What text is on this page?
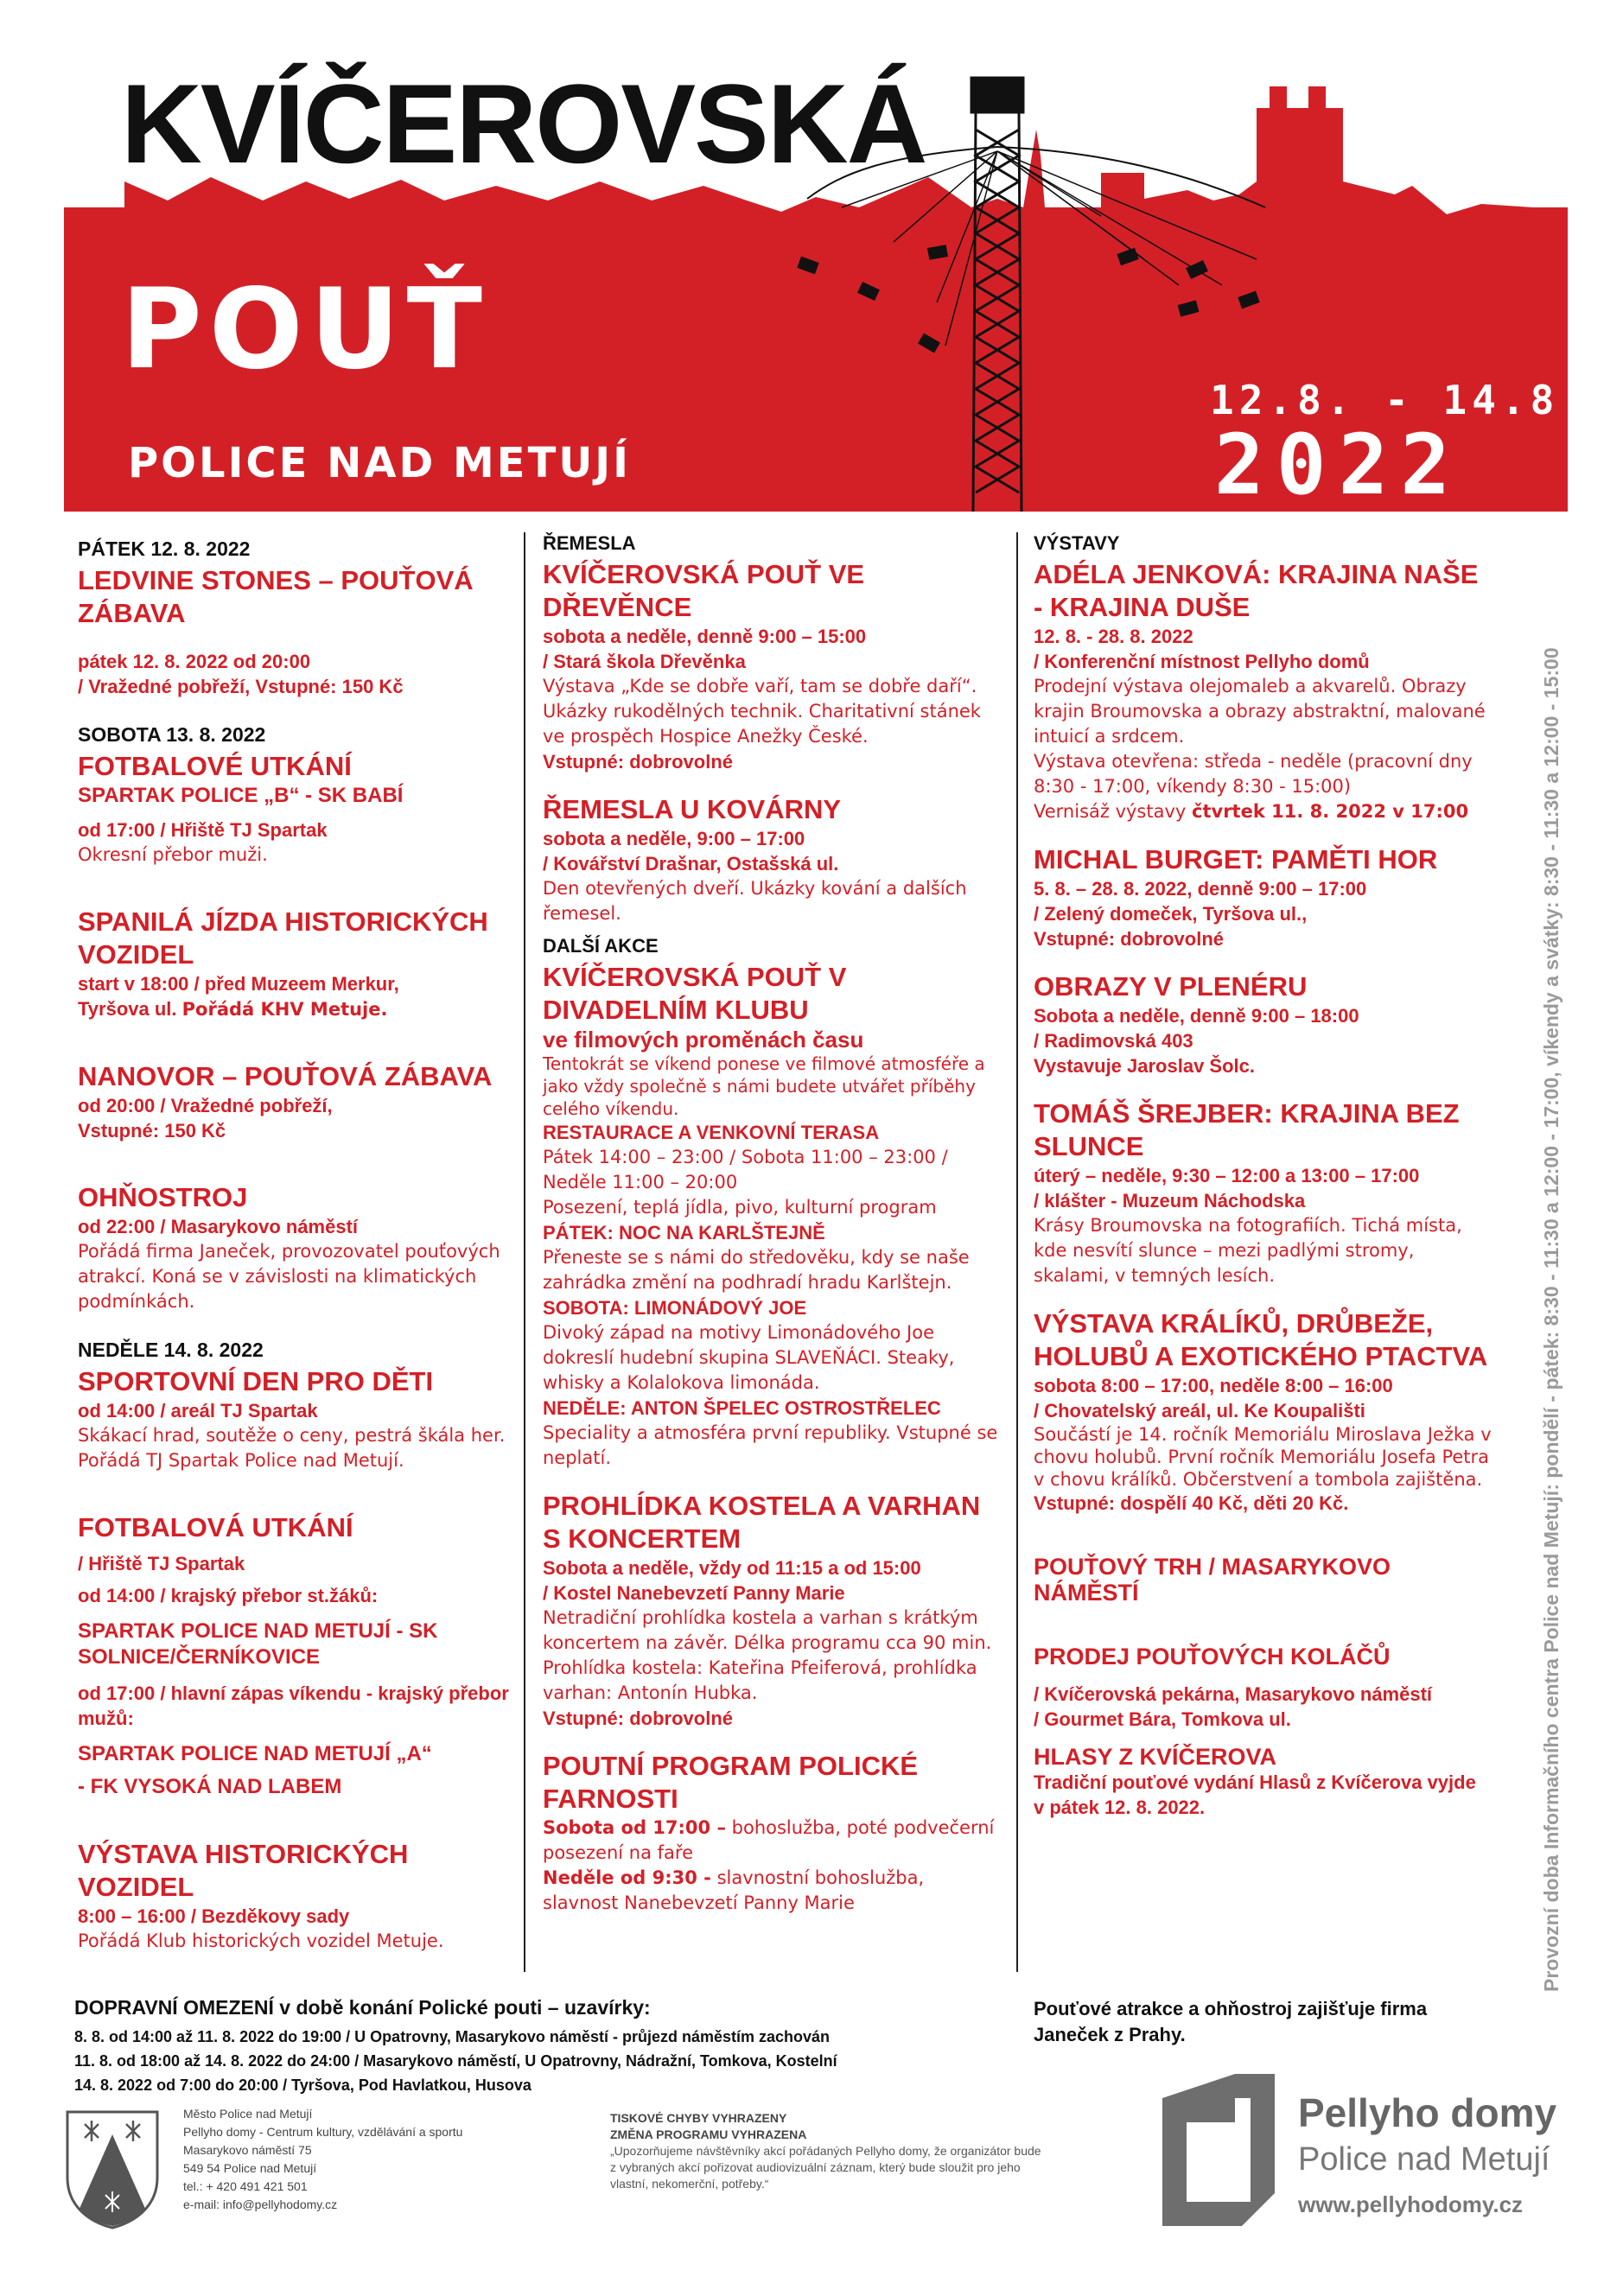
KVÍČEROVSKÁ
POUŤ
POLICE NAD METUJÍ
12.8. - 14.8.
2022
PÁTEK 12. 8. 2022
LEDVINE STONES – POUŤOVÁ ZÁBAVA
pátek 12. 8. 2022 od 20:00
/ Vražedné pobřeží, Vstupné: 150 Kč
SOBOTA 13. 8. 2022
FOTBALOVÉ UTKÁNÍ
SPARTAK POLICE „B“ - SK BABÍ
od 17:00 / Hřiště TJ Spartak
Okresní přebor muži.
SPANILÁ JÍZDA HISTORICKÝCH VOZIDEL
start v 18:00 / před Muzeem Merkur,
Tyršova ul. Pořádá KHV Metuje.
NANOVOR – POUŤOVÁ ZÁBAVA
od 20:00 / Vražedné pobřeží,
Vstupné: 150 Kč
OHŇOSTROJ
od 22:00 / Masarykovo náměstí
Pořádá firma Janeček, provozovatel pouťových atrakcí. Koná se v závislosti na klimatických podmínkách.
NEDĚLE 14. 8. 2022
SPORTOVNÍ DEN PRO DĚTI
od 14:00 / areál TJ Spartak
Skákací hrad, soutěže o ceny, pestrá škála her. Pořádá TJ Spartak Police nad Metují.
FOTBALOVÁ UTKÁNÍ
/ Hřiště TJ Spartak
od 14:00 / krajský přebor st.žáků:
SPARTAK POLICE NAD METUJÍ - SK SOLNICE/ČERNÍKOVICE
od 17:00 / hlavní zápas víkendu - krajský přebor mužů:
SPARTAK POLICE NAD METUJÍ „A“
- FK VYSOKÁ NAD LABEM
VÝSTAVA HISTORICKÝCH VOZIDEL
8:00 – 16:00 / Bezděkovy sady
Pořádá Klub historických vozidel Metuje.
ŘEMESLA
KVÍČEROVSKÁ POUŤ VE DŘEVĚNCE
sobota a neděle, denně 9:00 – 15:00
/ Stará škola Dřevěnka
Výstava „Kde se dobře vaří, tam se dobře daří“. Ukázky rukodělných technik. Charitativní stánek ve prospěch Hospice Anežky České.
Vstupné: dobrovolné
ŘEMESLA U KOVÁRNY
sobota a neděle, 9:00 – 17:00
/ Kovářství Drašnar, Ostašská ul.
Den otevřených dveří. Ukázky kování a dalších řemesel.
DALŠÍ AKCE
KVÍČEROVSKÁ POUŤ V DIVADELNÍM KLUBU
ve filmových proměnách času
Tentokrát se víkend ponese ve filmové atmosféře a jako vždy společně s námi budete utvářet příběhy celého víkendu.
RESTAURACE A VENKOVNÍ TERASA
Pátek 14:00 – 23:00 / Sobota 11:00 – 23:00 / Neděle 11:00 – 20:00
Posezení, teplá jídla, pivo, kulturní program
PÁTEK: NOC NA KARLŠTEJNĚ
Přeneste se s námi do středověku, kdy se naše zahrádka změní na podhradí hradu Karlštejn.
SOBOTA: LIMONÁDOVÝ JOE
Divoký západ na motivy Limonádového Joe dokreslí hudební skupina SLAVEŇÁCI. Steaky, whisky a Kolalokova limonáda.
NEDĚLE: ANTON ŠPELEC OSTROSTŘELEC
Speciality a atmosféra první republiky. Vstupné se neplatí.
PROHLÍDKA KOSTELA A VARHAN S KONCERTEM
Sobota a neděle, vždy od 11:15 a od 15:00
/ Kostel Nanebevzetí Panny Marie
Netradiční prohlídka kostela a varhan s krátkým koncertem na závěr. Délka programu cca 90 min. Prohlídka kostela: Kateřina Pfeiferová, prohlídka varhan: Antonín Hubka.
Vstupné: dobrovolné
POUTNÍ PROGRAM POLICKÉ FARNOSTI
Sobota od 17:00 – bohoslužba, poté podvečerní posezení na faře
Neděle od 9:30 - slavnostní bohoslužba, slavnost Nanebevzetí Panny Marie
VÝSTAVY
ADÉLA JENKOVÁ: KRAJINA NAŠE - KRAJINA DUŠE
12. 8. - 28. 8. 2022
/ Konferenční místnost Pellyho domů
Prodejní výstava olejomaleb a akvarelů. Obrazy krajin Broumovska a obrazy abstraktní, malované intuicí a srdcem.
Výstava otevřena: středa - neděle (pracovní dny 8:30 - 17:00, víkendy 8:30 - 15:00)
Vernisáž výstavy čtvrtek 11. 8. 2022 v 17:00
MICHAL BURGET: PAMĚTI HOR
5. 8. – 28. 8. 2022, denně 9:00 – 17:00
/ Zelený domeček, Tyršova ul.,
Vstupné: dobrovolné
OBRAZY V PLENÉRU
Sobota a neděle, denně 9:00 – 18:00
/ Radimovská 403
Vystavuje Jaroslav Šolc.
TOMÁŠ ŠREJBER: KRAJINA BEZ SLUNCE
úterý – neděle, 9:30 – 12:00 a 13:00 – 17:00
/ klášter - Muzeum Náchodska
Krásy Broumovska na fotografiích. Tichá místa, kde nesvítí slunce – mezi padlými stromy, skalami, v temných lesích.
VÝSTAVA KRÁLÍKŮ, DRŮBEŽE, HOLUBŮ A EXOTICKÉHO PTACTVA
sobota 8:00 – 17:00, neděle 8:00 – 16:00
/ Chovatelský areál, ul. Ke Koupališti
Součástí je 14. ročník Memoriálu Miroslava Ježka v chovu holubů. První ročník Memoriálu Josefa Petra v chovu králíků. Občerstvení a tombola zajištěna.
Vstupné: dospělí 40 Kč, děti 20 Kč.
POUŤOVÝ TRH / MASARYKOVO NÁMĚSTÍ
PRODEJ POUŤOVÝCH KOLÁČŮ
/ Kvíčerovská pekárna, Masarykovo náměstí
/ Gourmet Bára, Tomkova ul.
HLASY Z KVÍČEROVA
Tradiční pouťové vydání Hlasů z Kvíčerova vyjde v pátek 12. 8. 2022.	Provozní doba Informačního centra Police nad Metují: pondělí - pátek: 8:30 - 11:30 a 12:00 - 17:00, víkendy a svátky: 8:30 - 11:30 a 12:00 - 15:00
DOPRAVNÍ OMEZENÍ v době konání Polické pouti – uzavírky:
8. 8. od 14:00 až 11. 8. 2022 do 19:00 / U Opatrovny, Masarykovo náměstí - průjezd náměstím zachován
11. 8. od 18:00 až 14. 8. 2022 do 24:00 / Masarykovo náměstí, U Opatrovny, Nádražní, Tomkova, Kostelní
14. 8. 2022 od 7:00 do 20:00 / Tyršova, Pod Havlatkou, Husova
Pouťové atrakce a ohňostroj zajišťuje firma Janeček z Prahy.
Město Police nad Metují
Pellyho domy - Centrum kultury, vzdělávání a sportu
Masarykovo náměstí 75
549 54 Police nad Metují
tel.: + 420 491 421 501
e-mail: info@pellyhodomy.cz
TISKOVÉ CHYBY VYHRAZENY
ZMĚNA PROGRAMU VYHRAZENA
„Upozorňujeme návštěvníky akcí pořádaných Pellyho domy, že organizátor bude z vybraných akcí pořizovat audiovizuální záznam, který bude sloužit pro jeho vlastní, nekomerční, potřeby.“
Pellyho domy
Police nad Metují
www.pellyhodomy.cz
